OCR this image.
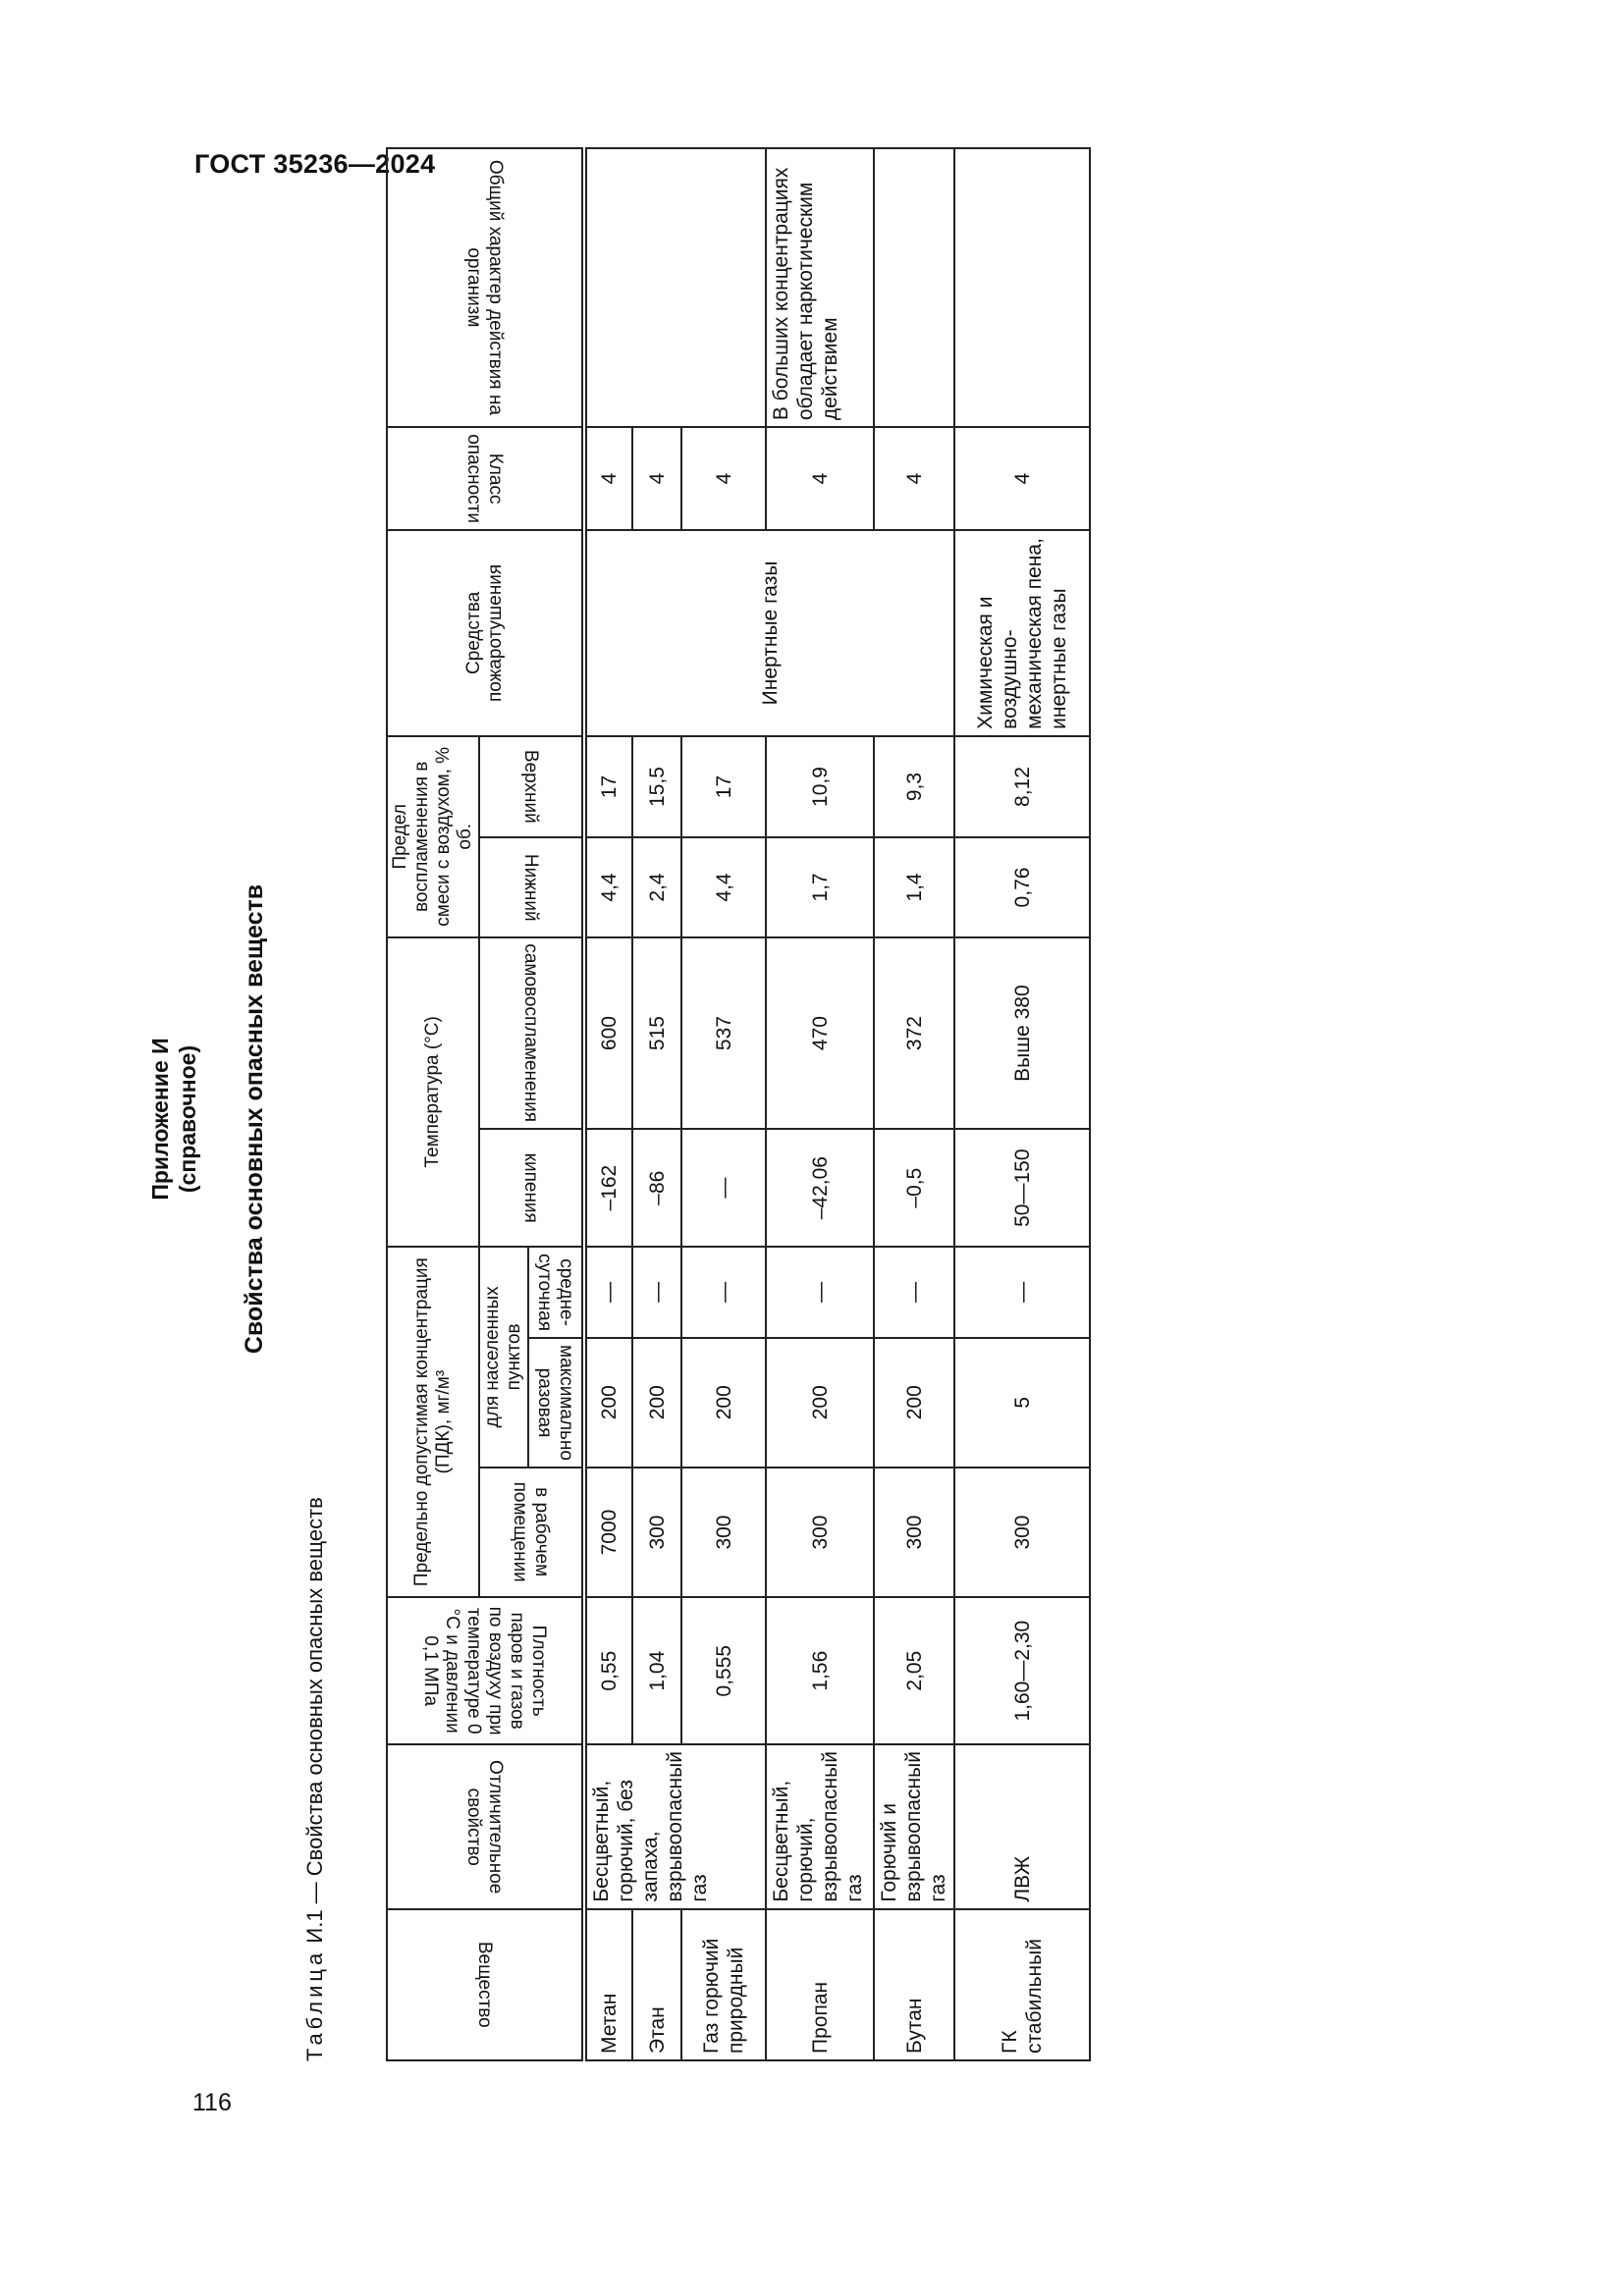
ГОСТ 35236—2024
116
Приложение И (справочное) Свойства основных опасных веществ
Таблица И.1 — Свойства основных опасных веществ
Вещество	Отличительное свойство	Плотность паров и газов по воздуху при температуре 0 °С и давлении 0,1 МПа	Предельно допустимая концентрация (ПДК), мг/м³			Температура (°С)		Предел воспламенения в смеси с воздухом, % об.		Средства пожаротушения	Класс опасности	Общий характер действия на организм
			в рабочем помещении	для населенных пунктов		кипения	самовоспламенения	Нижний	Верхний			
				максимально разовая	средне-суточная							

Метан	Бесцветный, горючий, без запаха, взрывоопасный газ	0,55	7000	200	—	–162	600	4,4	17	Инертные газы	4	
Этан		1,04	300	200	—	–86	515	2,4	15,5		4	
Газ горючий природный		0,555	300	200	—	—	537	4,4	17		4	
Пропан	Бесцветный, горючий, взрывоопасный газ	1,56	300	200	—	–42,06	470	1,7	10,9		4	В больших концентрациях обладает наркотическим действием
Бутан	Горючий и взрывоопасный газ	2,05	300	200	—	–0,5	372	1,4	9,3		4	
ГК стабильный	ЛВЖ	1,60—2,30	300	5	—	50—150	Выше 380	0,76	8,12	Химическая и воздушно-механическая пена, инертные газы	4	
